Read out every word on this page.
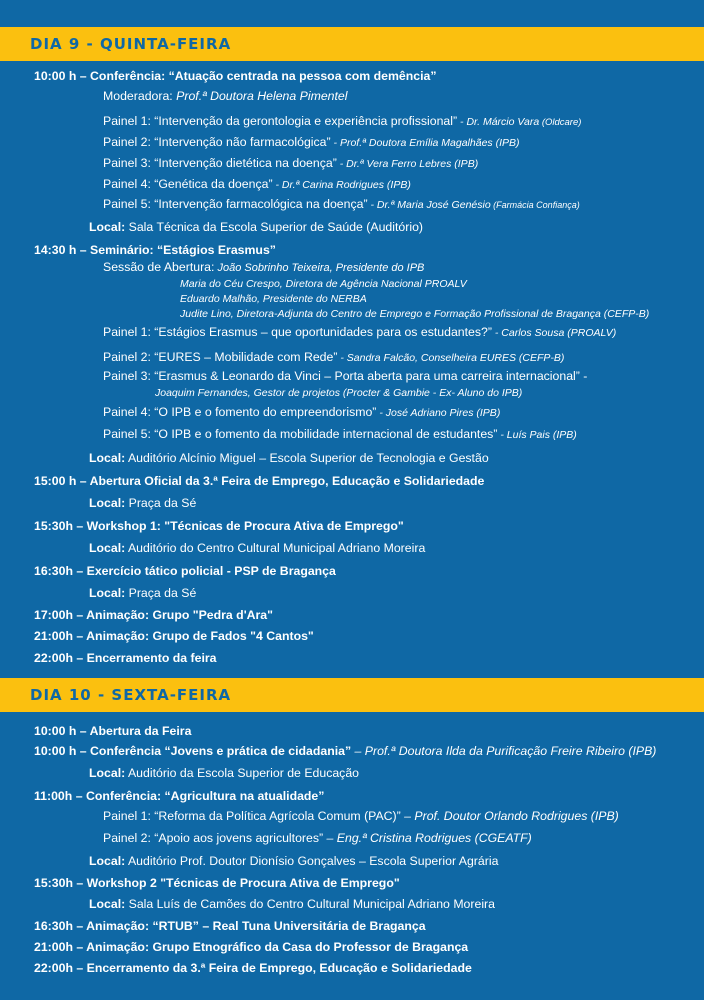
DIA 9 - QUINTA-FEIRA
10:00 h – Conferência: “Atuação centrada na pessoa com demência”
Moderadora: Prof.ª Doutora Helena Pimentel
Painel 1: “Intervenção da gerontologia e experiência profissional” - Dr. Márcio Vara (Oldcare)
Painel 2: “Intervenção não farmacológica” - Prof.ª Doutora Emília Magalhães (IPB)
Painel 3: “Intervenção dietética na doença” - Dr.ª Vera Ferro Lebres (IPB)
Painel 4: “Genética da doença” - Dr.ª Carina Rodrigues (IPB)
Painel 5: “Intervenção farmacológica na doença” - Dr.ª Maria José Genésio (Farmácia Confiança)
Local: Sala Técnica da Escola Superior de Saúde (Auditório)
14:30 h – Seminário: “Estágios Erasmus”
Sessão de Abertura: João Sobrinho Teixeira, Presidente do IPB
Maria do Céu Crespo, Diretora de Agência Nacional PROALV
Eduardo Malhão, Presidente do NERBA
Judite Lino, Diretora-Adjunta do Centro de Emprego e Formação Profissional de Bragança (CEFP-B)
Painel 1: “Estágios Erasmus – que oportunidades para os estudantes?” - Carlos Sousa (PROALV)
Painel 2: “EURES – Mobilidade com Rede” - Sandra Falcão, Conselheira EURES (CEFP-B)
Painel 3: “Erasmus & Leonardo da Vinci – Porta aberta para uma carreira internacional” -
Joaquim Fernandes, Gestor de projetos (Procter & Gambie - Ex- Aluno do IPB)
Painel 4: “O IPB e o fomento do empreendorismo” - José Adriano Pires (IPB)
Painel 5: “O IPB e o fomento da mobilidade internacional de estudantes” - Luís Pais (IPB)
Local: Auditório Alcínio Miguel – Escola Superior de Tecnologia e Gestão
15:00 h – Abertura Oficial da 3.ª Feira de Emprego, Educação e Solidariedade
Local: Praça da Sé
15:30h – Workshop 1: "Técnicas de Procura Ativa de Emprego"
Local: Auditório do Centro Cultural Municipal Adriano Moreira
16:30h – Exercício tático policial - PSP de Bragança
Local: Praça da Sé
17:00h – Animação: Grupo "Pedra d'Ara"
21:00h – Animação: Grupo de Fados "4 Cantos"
22:00h – Encerramento da feira
DIA 10 - SEXTA-FEIRA
10:00 h – Abertura da Feira
10:00 h – Conferência “Jovens e prática de cidadania” – Prof.ª Doutora Ilda da Purificação Freire Ribeiro (IPB)
Local: Auditório da Escola Superior de Educação
11:00h – Conferência: “Agricultura na atualidade”
Painel 1: “Reforma da Política Agrícola Comum (PAC)” – Prof. Doutor Orlando Rodrigues (IPB)
Painel 2: “Apoio aos jovens agricultores” – Eng.ª Cristina Rodrigues (CGEATF)
Local: Auditório Prof. Doutor Dionísio Gonçalves – Escola Superior Agrária
15:30h – Workshop 2 "Técnicas de Procura Ativa de Emprego"
Local: Sala Luís de Camões do Centro Cultural Municipal Adriano Moreira
16:30h – Animação: “RTUB” – Real Tuna Universitária de Bragança
21:00h – Animação: Grupo Etnográfico da Casa do Professor de Bragança
22:00h – Encerramento da 3.ª Feira de Emprego, Educação e Solidariedade
